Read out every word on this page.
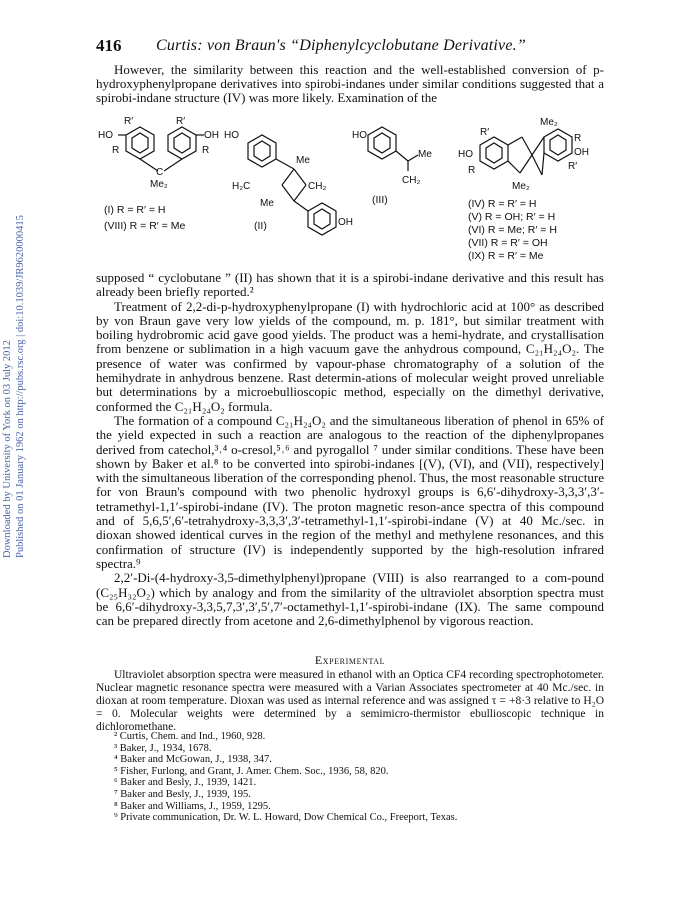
Downloaded by University of York on 03 July 2012 Published on 01 January 1962 on http://pubs.rsc.org | doi:10.1039/JR9620000415
416 Curtis: von Braun's “Diphenylcyclobutane Derivative.”

However, the similarity between this reaction and the well-established conversion of p-hydroxyphenylpropane derivatives into spirobi-indanes under similar conditions suggested that a spirobi-indane structure (IV) was more likely. Examination of the

HO	OH
R	R
R′	R′
C
Me₂
HO
Me
H₂C	CH₂
Me
OH
HO
Me
CH₂
HO
R
R′
Me₂
Me₂
R
OH
R′
(I) R = R′ = H
(VIII) R = R′ = Me	(II)
(III)	(IV) R = R′ = H
(V) R = OH; R′ = H
(VI) R = Me; R′ = H
(VII) R = R′ = OH
(IX) R = R′ = Me

supposed “ cyclobutane ” (II) has shown that it is a spirobi-indane derivative and this result has already been briefly reported.²

Treatment of 2,2-di-p-hydroxyphenylpropane (I) with hydrochloric acid at 100° as described by von Braun gave very low yields of the compound, m. p. 181°, but similar treatment with boiling hydrobromic acid gave good yields. The product was a hemi-hydrate, and crystallisation from benzene or sublimation in a high vacuum gave the anhydrous compound, C₂₁H₂₄O₂. The presence of water was confirmed by vapour-phase chromatography of a solution of the hemihydrate in anhydrous benzene. Rast determin-ations of molecular weight proved unreliable but determinations by a microebullioscopic method, especially on the dimethyl derivative, conformed the C₂₁H₂₄O₂ formula.

The formation of a compound C₂₁H₂₄O₂ and the simultaneous liberation of phenol in 65% of the yield expected in such a reaction are analogous to the reaction of the diphenylpropanes derived from catechol,³˒⁴ o-cresol,⁵˒⁶ and pyrogallol ⁷ under similar conditions. These have been shown by Baker et al.⁸ to be converted into spirobi-indanes [(V), (VI), and (VII), respectively] with the simultaneous liberation of the corresponding phenol. Thus, the most reasonable structure for von Braun's compound with two phenolic hydroxyl groups is 6,6′-dihydroxy-3,3,3′,3′-tetramethyl-1,1′-spirobi-indane (IV). The proton magnetic reson-ance spectra of this compound and of 5,6,5′,6′-tetrahydroxy-3,3,3′,3′-tetramethyl-1,1′-spirobi-indane (V) at 40 Mc./sec. in dioxan showed identical curves in the region of the methyl and methylene resonances, and this confirmation of structure (IV) is independently supported by the high-resolution infrared spectra.⁹

2,2′-Di-(4-hydroxy-3,5-dimethylphenyl)propane (VIII) is also rearranged to a com-pound (C₂₅H₃₂O₂) which by analogy and from the similarity of the ultraviolet absorption spectra must be 6,6′-dihydroxy-3,3,5,7,3′,3′,5′,7′-octamethyl-1,1′-spirobi-indane (IX). The same compound can be prepared directly from acetone and 2,6-dimethylphenol by vigorous reaction.

Experimental

Ultraviolet absorption spectra were measured in ethanol with an Optica CF4 recording spectrophotometer. Nuclear magnetic resonance spectra were measured with a Varian Associates spectrometer at 40 Mc./sec. in dioxan at room temperature. Dioxan was used as internal reference and was assigned τ = +8·3 relative to H₂O = 0. Molecular weights were determined by a semimicro-thermistor ebullioscopic technique in dichloromethane.

² Curtis, Chem. and Ind., 1960, 928.
³ Baker, J., 1934, 1678.
⁴ Baker and McGowan, J., 1938, 347.
⁵ Fisher, Furlong, and Grant, J. Amer. Chem. Soc., 1936, 58, 820.
⁶ Baker and Besly, J., 1939, 1421.
⁷ Baker and Besly, J., 1939, 195.
⁸ Baker and Williams, J., 1959, 1295.
⁹ Private communication, Dr. W. L. Howard, Dow Chemical Co., Freeport, Texas.
